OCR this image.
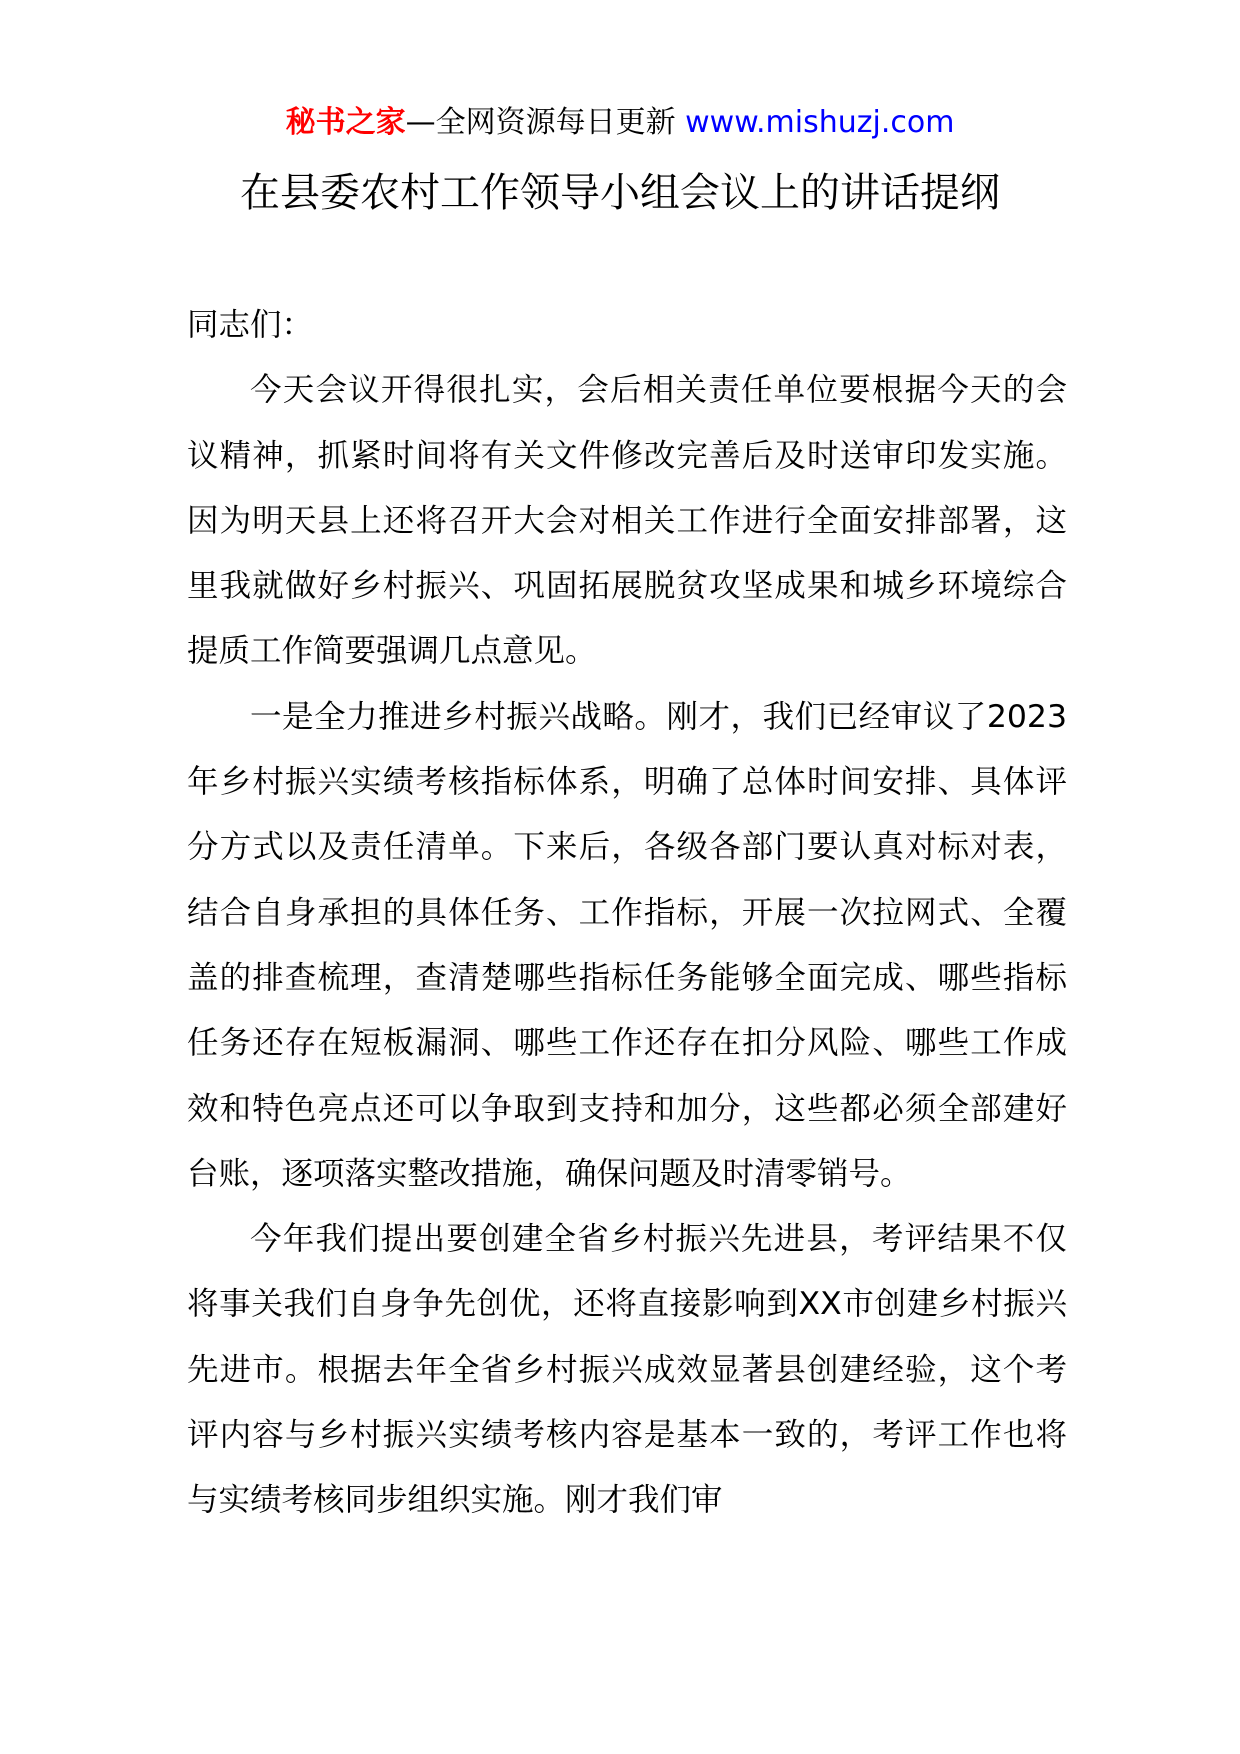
秘书之家—全网资源每日更新 www.mishuzj.com
在县委农村工作领导小组会议上的讲话提纲

同志们：

今天会议开得很扎实，会后相关责任单位要根据今天的会议精神，抓紧时间将有关文件修改完善后及时送审印发实施。因为明天县上还将召开大会对相关工作进行全面安排部署，这里我就做好乡村振兴、巩固拓展脱贫攻坚成果和城乡环境综合提质工作简要强调几点意见。

一是全力推进乡村振兴战略。刚才，我们已经审议了2023年乡村振兴实绩考核指标体系，明确了总体时间安排、具体评分方式以及责任清单。下来后，各级各部门要认真对标对表，结合自身承担的具体任务、工作指标，开展一次拉网式、全覆盖的排查梳理，查清楚哪些指标任务能够全面完成、哪些指标任务还存在短板漏洞、哪些工作还存在扣分风险、哪些工作成效和特色亮点还可以争取到支持和加分，这些都必须全部建好台账，逐项落实整改措施，确保问题及时清零销号。

今年我们提出要创建全省乡村振兴先进县，考评结果不仅将事关我们自身争先创优，还将直接影响到XX市创建乡村振兴先进市。根据去年全省乡村振兴成效显著县创建经验，这个考评内容与乡村振兴实绩考核内容是基本一致的，考评工作也将与实绩考核同步组织实施。刚才我们审
